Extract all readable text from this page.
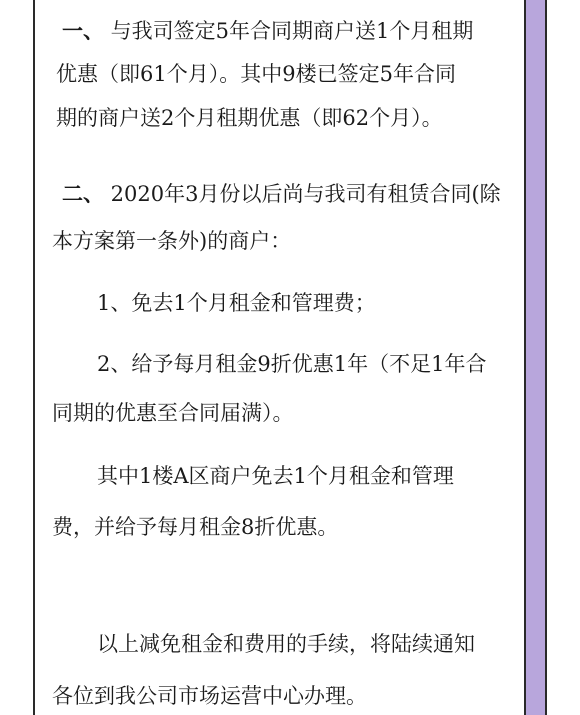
一、 与我司签定5年合同期商户送1个月租期
优惠（即61个月）。其中9楼已签定5年合同
期的商户送2个月租期优惠（即62个月）。
二、 2020年3月份以后尚与我司有租赁合同(除
本方案第一条外)的商户：
1、免去1个月租金和管理费；
2、给予每月租金9折优惠1年（不足1年合
同期的优惠至合同届满）。
其中1楼A区商户免去1个月租金和管理
费，并给予每月租金8折优惠。
以上减免租金和费用的手续，将陆续通知
各位到我公司市场运营中心办理。
